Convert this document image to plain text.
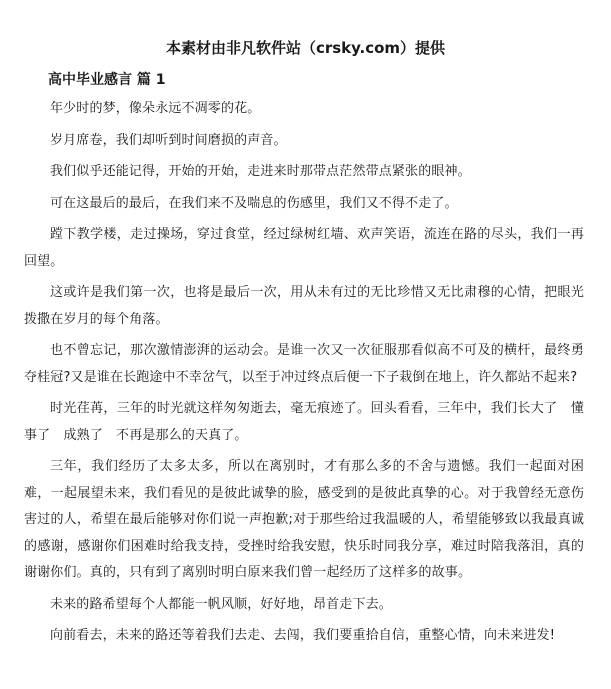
本素材由非凡软件站（crsky.com）提供
高中毕业感言 篇 1

年少时的梦，像朵永远不凋零的花。

岁月席卷，我们却听到时间磨损的声音。

我们似乎还能记得，开始的开始，走进来时那带点茫然带点紧张的眼神。

可在这最后的最后，在我们来不及喘息的伤感里，我们又不得不走了。

蹚下教学楼，走过操场，穿过食堂，经过绿树红墙、欢声笑语，流连在路的尽头，我们一再回望。

这或许是我们第一次，也将是最后一次，用从未有过的无比珍惜又无比肃穆的心情，把眼光拨撒在岁月的每个角落。

也不曾忘记，那次激情澎湃的运动会。是谁一次又一次征服那看似高不可及的横杆，最终勇夺桂冠?又是谁在长跑途中不幸岔气，以至于冲过终点后便一下子栽倒在地上，许久都站不起来?

时光荏苒，三年的时光就这样匆匆逝去，毫无痕迹了。回头看看，三年中，我们长大了　懂事了　成熟了　不再是那么的天真了。

三年，我们经历了太多太多，所以在离别时，才有那么多的不舍与遗憾。我们一起面对困难，一起展望未来，我们看见的是彼此诚挚的脸，感受到的是彼此真挚的心。对于我曾经无意伤害过的人，希望在最后能够对你们说一声抱歉;对于那些给过我温暖的人，希望能够致以我最真诚的感谢，感谢你们困难时给我支持，受挫时给我安慰，快乐时同我分享，难过时陪我落泪，真的谢谢你们。真的，只有到了离别时明白原来我们曾一起经历了这样多的故事。

未来的路希望每个人都能一帆风顺，好好地，昂首走下去。

向前看去，未来的路还等着我们去走、去闯，我们要重拾自信，重整心情，向未来进发!
